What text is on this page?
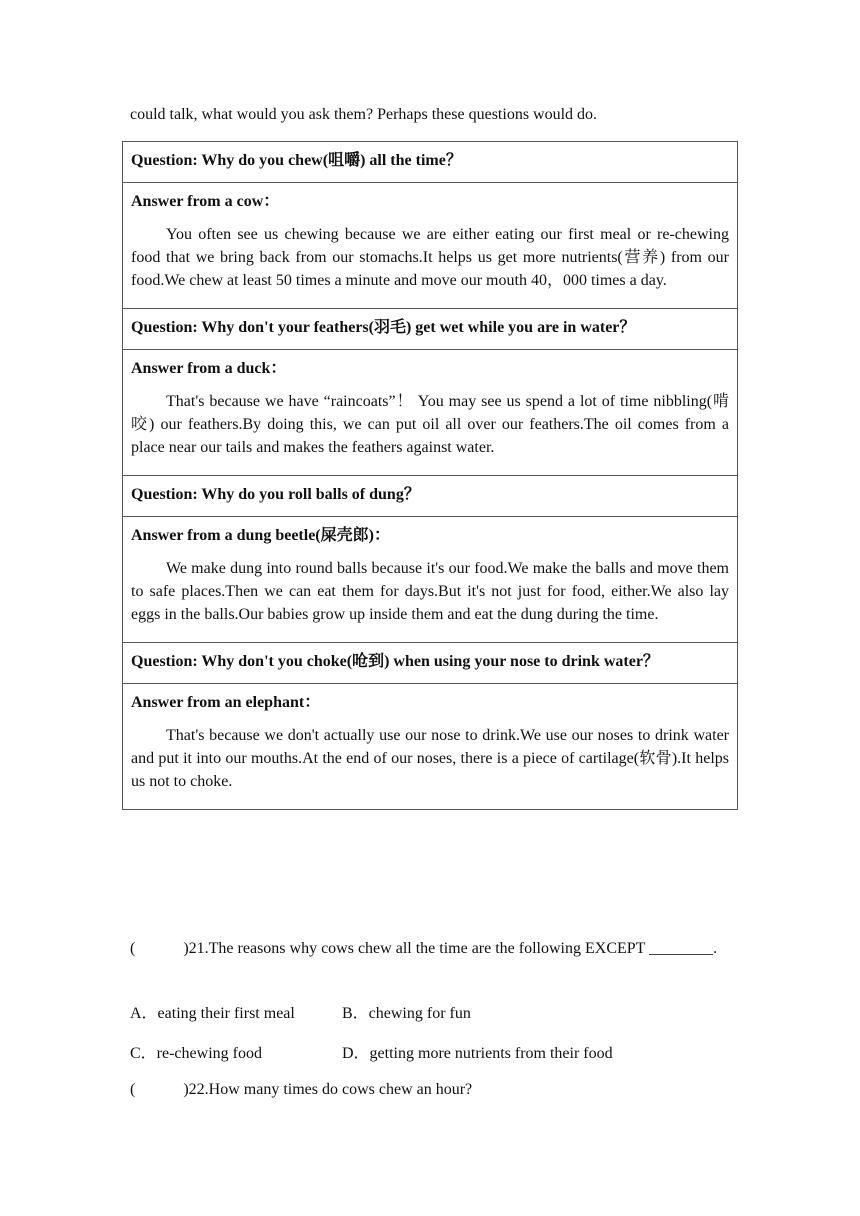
could talk, what would you ask them? Perhaps these questions would do.
Question: Why do you chew(咀嚼) all the time？

Answer from a cow：
You often see us chewing because we are either eating our first meal or re-chewing food that we bring back from our stomachs.It helps us get more nutrients(营养) from our food.We chew at least 50 times a minute and move our mouth 40，000 times a day.

Question: Why don't your feathers(羽毛) get wet while you are in water？

Answer from a duck：
That's because we have “raincoats”！ You may see us spend a lot of time nibbling(啃咬) our feathers.By doing this, we can put oil all over our feathers.The oil comes from a place near our tails and makes the feathers against water.

Question: Why do you roll balls of dung？

Answer from a dung beetle(屎壳郎)：
We make dung into round balls because it's our food.We make the balls and move them to safe places.Then we can eat them for days.But it's not just for food, either.We also lay eggs in the balls.Our babies grow up inside them and eat the dung during the time.

Question: Why don't you choke(呛到) when using your nose to drink water？

Answer from an elephant：
That's because we don't actually use our nose to drink.We use our noses to drink water and put it into our mouths.At the end of our noses, there is a piece of cartilage(软骨).It helps us not to choke.
(　　　)21.The reasons why cows chew all the time are the following EXCEPT ________.
A．eating their first meal	B．chewing for fun
C．re-chewing food	D．getting more nutrients from their food
(　　　)22.How many times do cows chew an hour?
